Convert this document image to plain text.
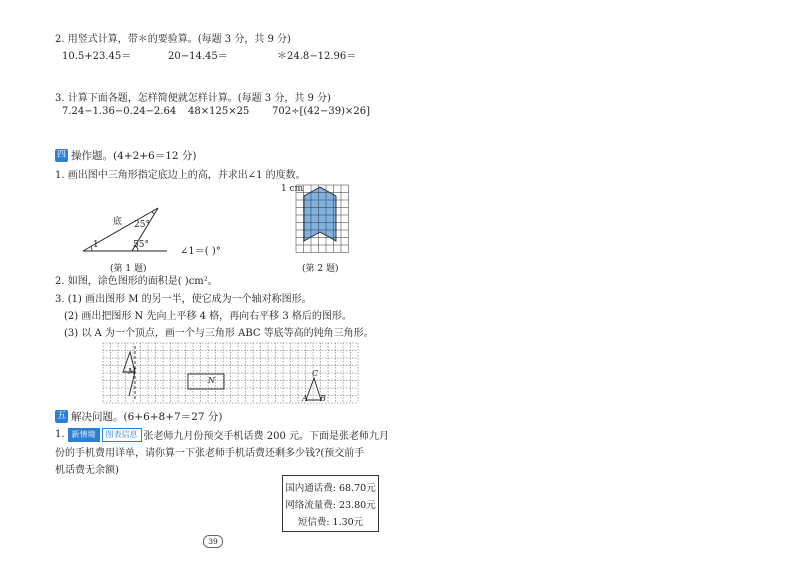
2. 用竖式计算，带＊的要验算。(每题 3 分，共 9 分)
10.5+23.45＝	20−14.45＝	＊24.8−12.96＝
3. 计算下面各题，怎样简便就怎样计算。(每题 3 分，共 9 分)
7.24−1.36−0.24−2.64 48×125×25 702÷[(42−39)×26]
四 操作题。(4+2+6＝12 分)
1. 画出图中三角形指定底边上的高，并求出∠1 的度数。
底 25°
55°
1
∠1＝( )°
(第 1 题)
1 cm
(第 2 题)
2. 如图，涂色图形的面积是( )cm²。
3. (1) 画出图形 M 的另一半，使它成为一个轴对称图形。
(2) 画出把图形 N 先向上平移 4 格，再向右平移 3 格后的图形。
(3) 以 A 为一个顶点，画一个与三角形 ABC 等底等高的钝角三角形。
M
N
C
A B
五 解决问题。(6+6+8+7＝27 分)
1. 新情境	图表信息 张老师九月份预交手机话费 200 元。下面是张老师九月
份的手机费用详单，请你算一下张老师手机话费还剩多少钱?(预交前手
机话费无余额)
国内通话费: 68.70元
网络流量费: 23.80元
短信费: 1.30元
39
